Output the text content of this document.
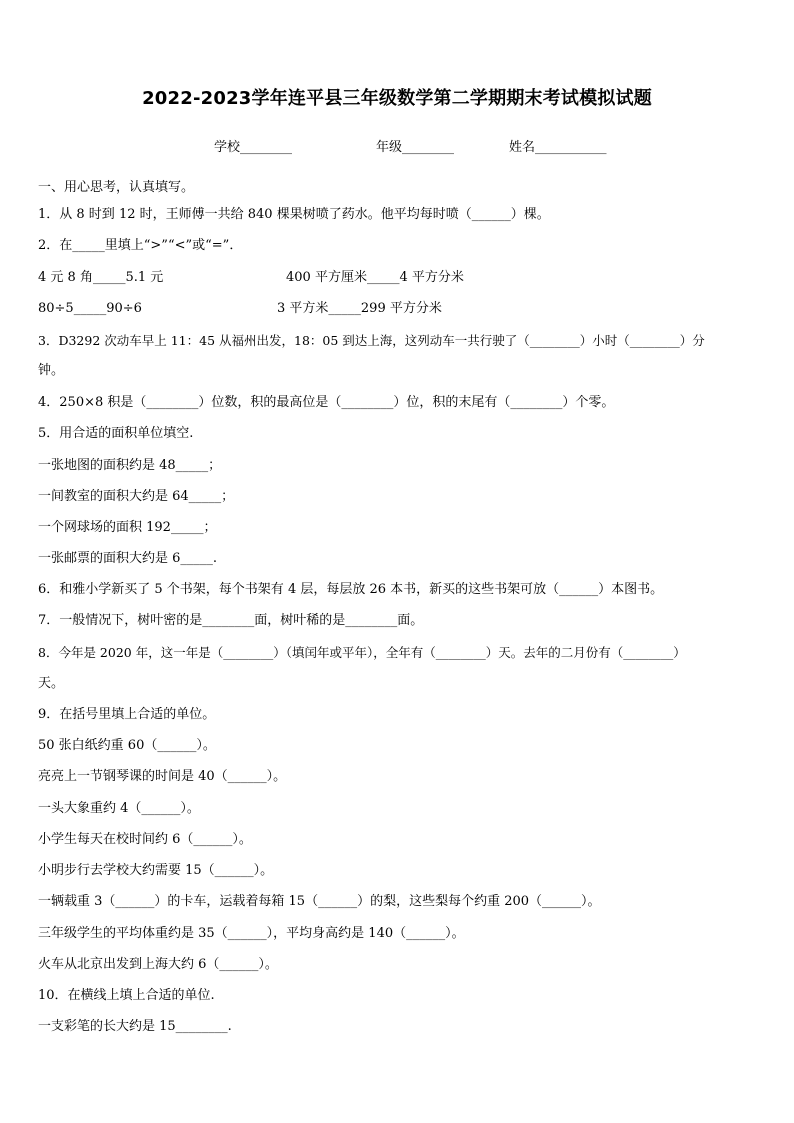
2022-2023学年连平县三年级数学第二学期期末考试模拟试题
学校________	年级________	姓名___________
一、用心思考，认真填写。
1．从 8 时到 12 时，王师傅一共给 840 棵果树喷了药水。他平均每时喷（______）棵。
2．在_____里填上“>”“<”或“=”．
4 元 8 角_____5.1 元	400 平方厘米_____4 平方分米
80÷5_____90÷6	3 平方米_____299 平方分米
3．D3292 次动车早上 11：45 从福州出发，18：05 到达上海，这列动车一共行驶了（________）小时（________）分
钟。
4．250×8 积是（________）位数，积的最高位是（________）位，积的末尾有（________）个零。
5．用合适的面积单位填空.
一张地图的面积约是 48_____；
一间教室的面积大约是 64_____；
一个网球场的面积 192_____；
一张邮票的面积大约是 6_____.
6．和雅小学新买了 5 个书架，每个书架有 4 层，每层放 26 本书，新买的这些书架可放（______）本图书。
7．一般情况下，树叶密的是________面，树叶稀的是________面。
8．今年是 2020 年，这一年是（________）（填闰年或平年），全年有（________）天。去年的二月份有（________）
天。
9．在括号里填上合适的单位。
50 张白纸约重 60（______）。
亮亮上一节钢琴课的时间是 40（______）。
一头大象重约 4（______）。
小学生每天在校时间约 6（______）。
小明步行去学校大约需要 15（______）。
一辆载重 3（______）的卡车，运载着每箱 15（______）的梨，这些梨每个约重 200（______）。
三年级学生的平均体重约是 35（______），平均身高约是 140（______）。
火车从北京出发到上海大约 6（______）。
10．在横线上填上合适的单位.
一支彩笔的长大约是 15________.
